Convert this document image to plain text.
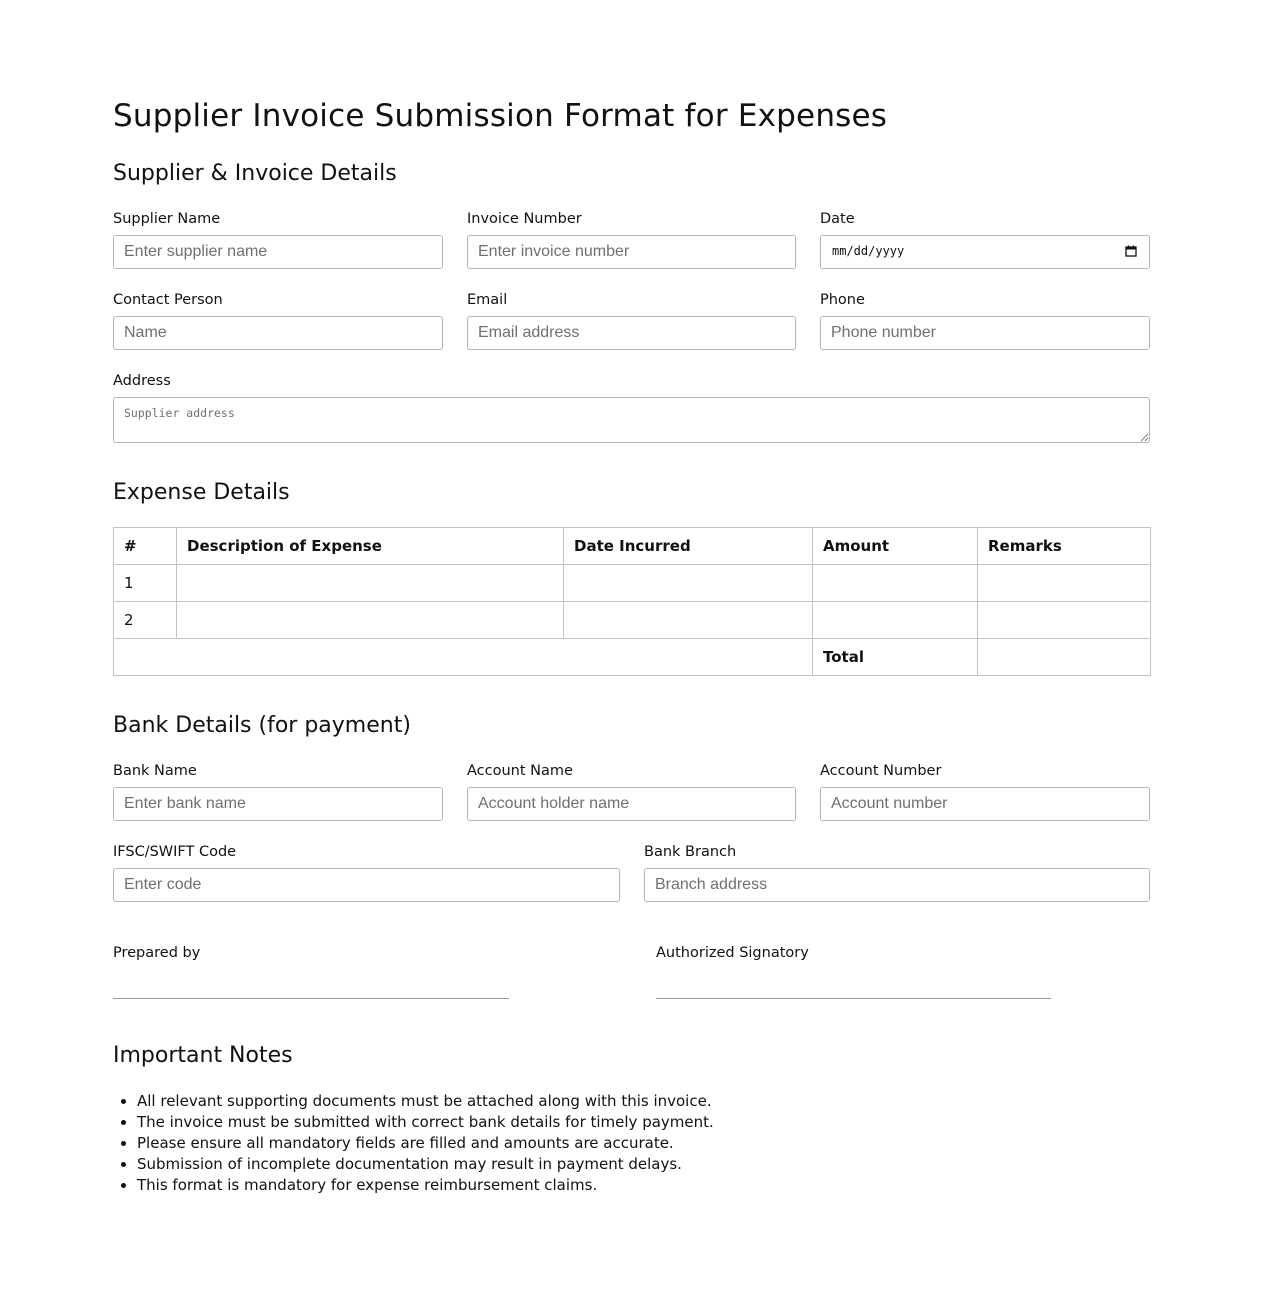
Supplier Invoice Submission Format for Expenses
Supplier & Invoice Details
Supplier Name
Enter supplier name	Invoice Number
Enter invoice number	Date
mm/dd/yyyy
Contact Person
Name	Email
Email address	Phone
Phone number
Address
Supplier address
Expense Details
#	Description of Expense	Date Incurred	Amount	Remarks
1				
2				
			Total	
Bank Details (for payment)
Bank Name
Enter bank name	Account Name
Account holder name	Account Number
Account number
IFSC/SWIFT Code
Enter code	Bank Branch
Branch address
Prepared by	Authorized Signatory
Important Notes
• All relevant supporting documents must be attached along with this invoice.
• The invoice must be submitted with correct bank details for timely payment.
• Please ensure all mandatory fields are filled and amounts are accurate.
• Submission of incomplete documentation may result in payment delays.
• This format is mandatory for expense reimbursement claims.
